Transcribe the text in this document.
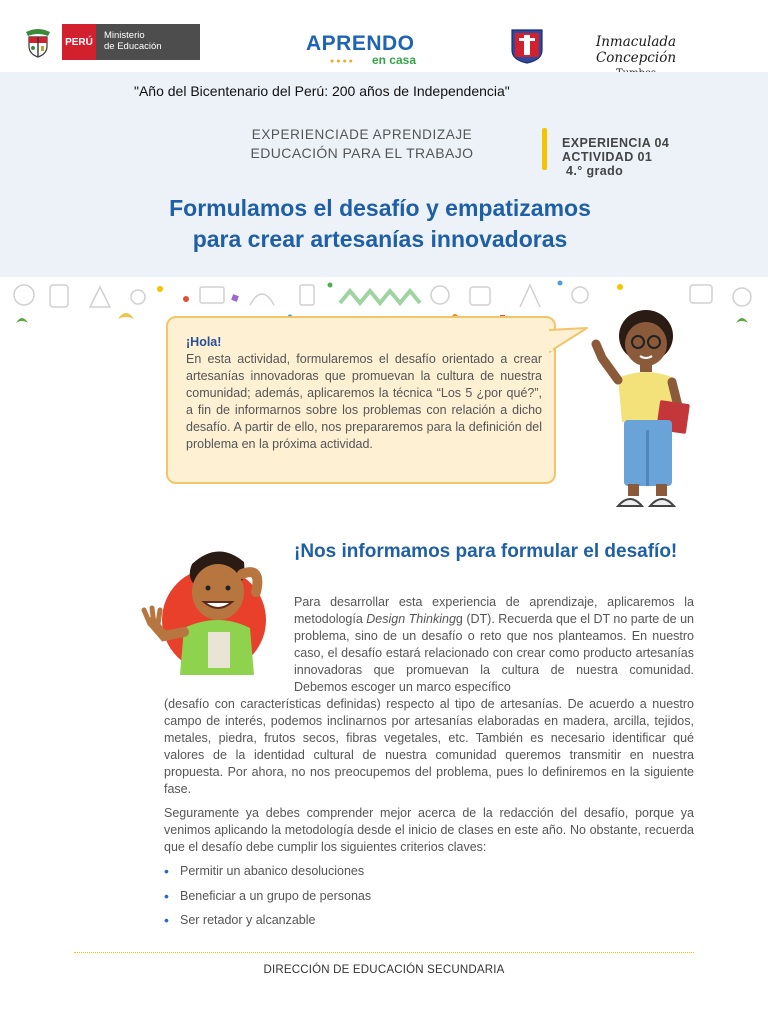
PERÚ
Ministerio
de Educación	APRENDO
●●●● en casa
Inmaculada Concepción
"Año del Bicentenario del Perú: 200 años de Independencia"
EXPERIENCIADE APRENDIZAJE
EDUCACIÓN PARA EL TRABAJO
EXPERIENCIA 04
ACTIVIDAD 01
4.° grado
Formulamos el desafío y empatizamos
para crear artesanías innovadoras
¡Hola!
En esta actividad, formularemos el desafío orientado a crear artesanías innovadoras que promuevan la cultura de nuestra comunidad; además, aplicaremos la técnica “Los 5 ¿por qué?”, a fin de informarnos sobre los problemas con relación a dicho desafío. A partir de ello, nos prepararemos para la definición del problema en la próxima actividad.
¡Nos informamos para formular el desafío!
Para desarrollar esta experiencia de aprendizaje, aplicaremos la metodología Design Thinkingg (DT). Recuerda que el DT no parte de un problema, sino de un desafío o reto que nos planteamos. En nuestro caso, el desafío estará relacionado con crear como producto artesanías innovadoras que promuevan la cultura de nuestra comunidad. Debemos escoger un marco específico
(desafío con características definidas) respecto al tipo de artesanías. De acuerdo a nuestro campo de interés, podemos inclinarnos por artesanías elaboradas en madera, arcilla, tejidos, metales, piedra, frutos secos, fibras vegetales, etc. También es necesario identificar qué valores de la identidad cultural de nuestra comunidad queremos transmitir en nuestra propuesta. Por ahora, no nos preocupemos del problema, pues lo definiremos en la siguiente fase.
Seguramente ya debes comprender mejor acerca de la redacción del desafío, porque ya venimos aplicando la metodología desde el inicio de clases en este año. No obstante, recuerda que el desafío debe cumplir los siguientes criterios claves:
• Permitir un abanico desoluciones
• Beneficiar a un grupo de personas
• Ser retador y alcanzable
DIRECCIÓN DE EDUCACIÓN SECUNDARIA
